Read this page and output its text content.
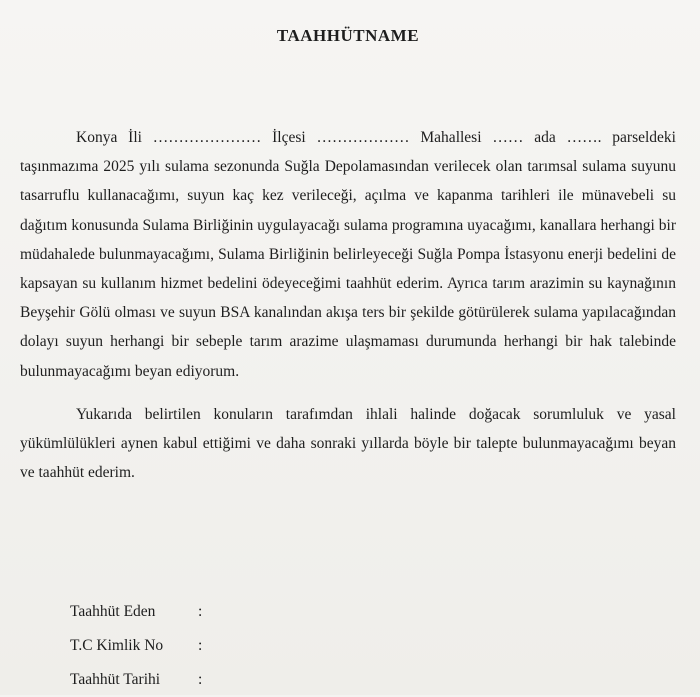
TAAHHÜTNAME

Konya İli ………………… İlçesi ……………… Mahallesi …… ada ……. parseldeki taşınmazıma 2025 yılı sulama sezonunda Suğla Depolamasından verilecek olan tarımsal sulama suyunu tasarruflu kullanacağımı, suyun kaç kez verileceği, açılma ve kapanma tarihleri ile münavebeli su dağıtım konusunda Sulama Birliğinin uygulayacağı sulama programına uyacağımı, kanallara herhangi bir müdahalede bulunmayacağımı, Sulama Birliğinin belirleyeceği Suğla Pompa İstasyonu enerji bedelini de kapsayan su kullanım hizmet bedelini ödeyeceğimi taahhüt ederim. Ayrıca tarım arazimin su kaynağının Beyşehir Gölü olması ve suyun BSA kanalından akışa ters bir şekilde götürülerek sulama yapılacağından dolayı suyun herhangi bir sebeple tarım arazime ulaşmaması durumunda herhangi bir hak talebinde bulunmayacağımı beyan ediyorum.

Yukarıda belirtilen konuların tarafımdan ihlali halinde doğacak sorumluluk ve yasal yükümlülükleri aynen kabul ettiğimi ve daha sonraki yıllarda böyle bir talepte bulunmayacağımı beyan ve taahhüt ederim.

Taahhüt Eden	:
T.C Kimlik No	:
Taahhüt Tarihi	:
